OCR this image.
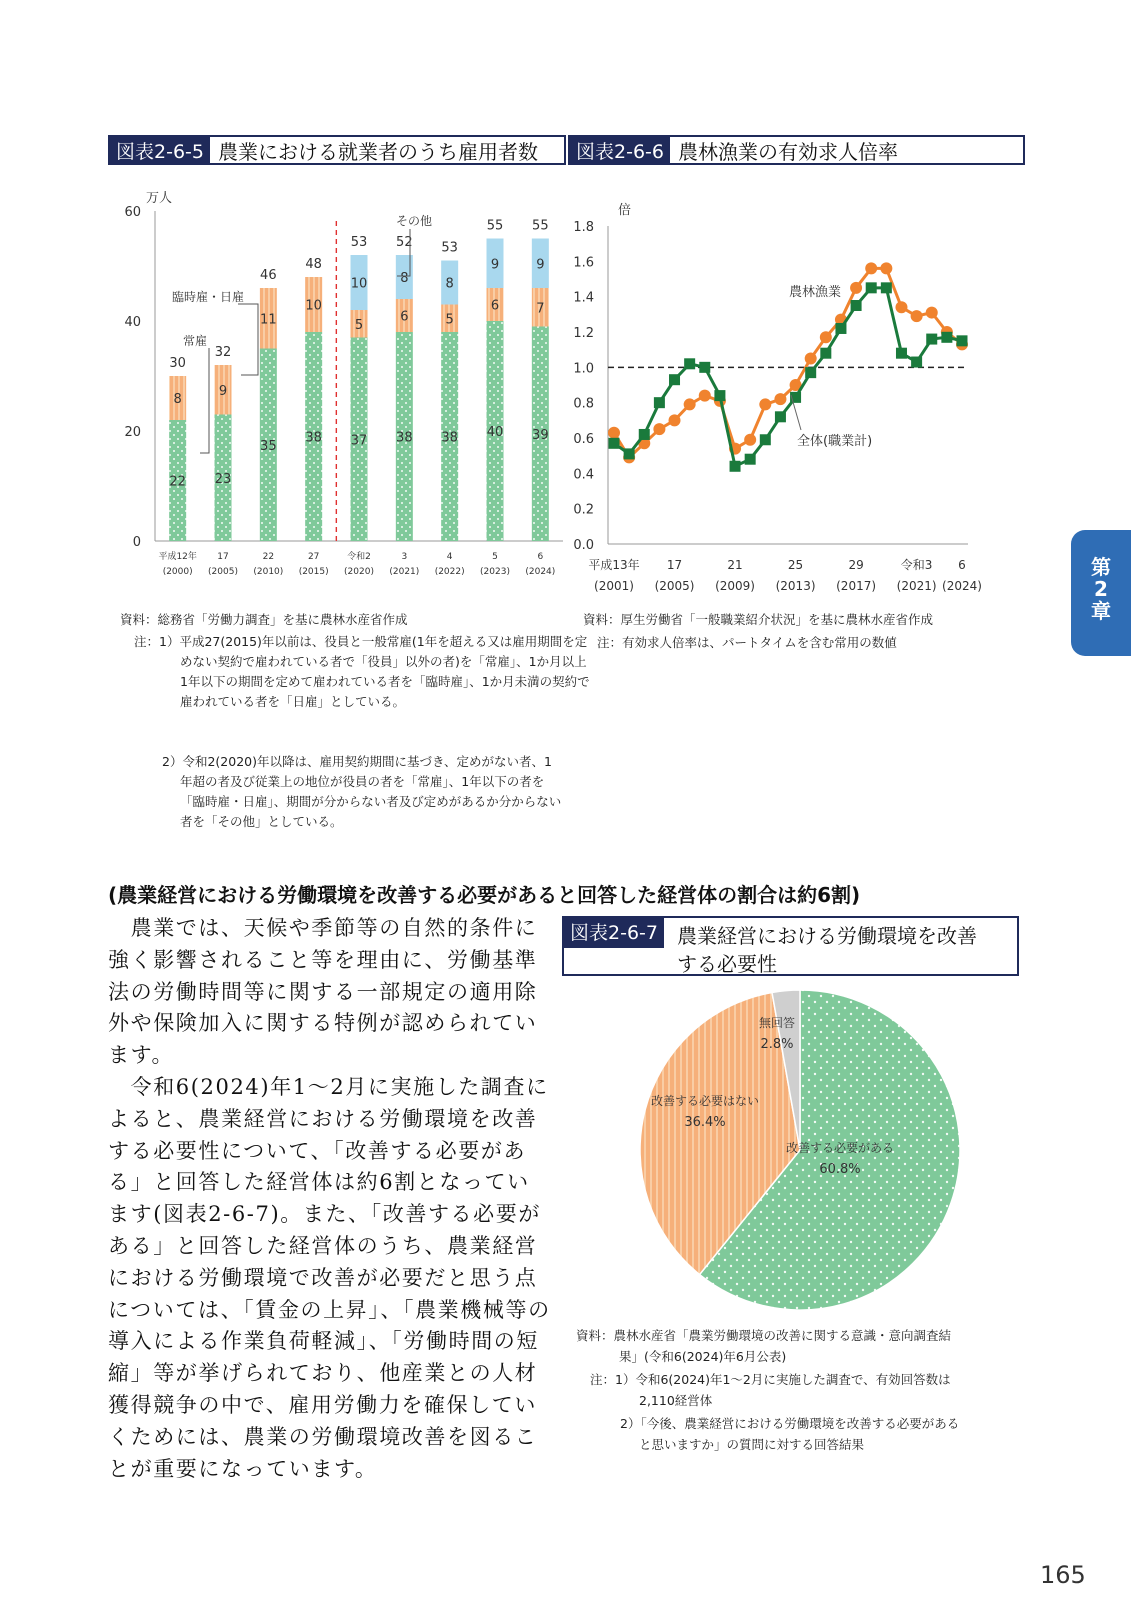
図表2-6-5 農業における就業者のうち雇用者数	図表2-6-6 農林漁業の有効求人倍率
万人
0
20
40
60
22
8
30
平成12年
(2000)
23
9
32
17
(2005)
35
11
46
22
(2010)
38
10
48
27
(2015)
37
5
10
53
令和2
(2020)
38
6
8
52
3
(2021)
38
5
8
53
4
(2022)
40
6
9
55
5
(2023)
39
7
9
55
6
(2024)
常雇
臨時雇・日雇
その他
倍
0.0
0.2
0.4
0.6
0.8
1.0
1.2
1.4
1.6
1.8
平成13年
(2001)
17
(2005)
21
(2009)
25
(2013)
29
(2017)
令和3
(2021)
6
(2024)
農林漁業
全体(職業計)
資料：総務省「労働力調査」を基に農林水産省作成
注：1）平成27(2015)年以前は、役員と一般常雇(1年を超える又は雇用期間を定めない契約で雇われている者で「役員」以外の者)を「常雇」、1か月以上1年以下の期間を定めて雇われている者を「臨時雇」、1か月未満の契約で雇われている者を「日雇」としている。
2）令和2(2020)年以降は、雇用契約期間に基づき、定めがない者、1年超の者及び従業上の地位が役員の者を「常雇」、1年以下の者を「臨時雇・日雇」、期間が分からない者及び定めがあるか分からない者を「その他」としている。
資料：厚生労働省「一般職業紹介状況」を基に農林水産省作成
注：有効求人倍率は、パートタイムを含む常用の数値
(農業経営における労働環境を改善する必要があると回答した経営体の割合は約6割)
　農業では、天候や季節等の自然的条件に
強く影響されること等を理由に、労働基準
法の労働時間等に関する一部規定の適用除
外や保険加入に関する特例が認められてい
ます。
　令和6(2024)年1～2月に実施した調査に
よると、農業経営における労働環境を改善
する必要性について、「改善する必要があ
る」と回答した経営体は約6割となってい
ます(図表2-6-7)。また、「改善する必要が
ある」と回答した経営体のうち、農業経営
における労働環境で改善が必要だと思う点
については、「賃金の上昇」、「農業機械等の
導入による作業負荷軽減」、「労働時間の短
縮」等が挙げられており、他産業との人材
獲得競争の中で、雇用労働力を確保してい
くためには、農業の労働環境改善を図るこ
とが重要になっています。
図表2-6-7 農業経営における労働環境を改善
する必要性
改善する必要がある
60.8%
改善する必要はない
36.4%
無回答
2.8%
資料：農林水産省「農業労働環境の改善に関する意識・意向調査結
果」(令和6(2024)年6月公表)
注：1）令和6(2024)年1～2月に実施した調査で、有効回答数は
2,110経営体
2）「今後、農業経営における労働環境を改善する必要がある
と思いますか」の質問に対する回答結果
第
2
章
165
